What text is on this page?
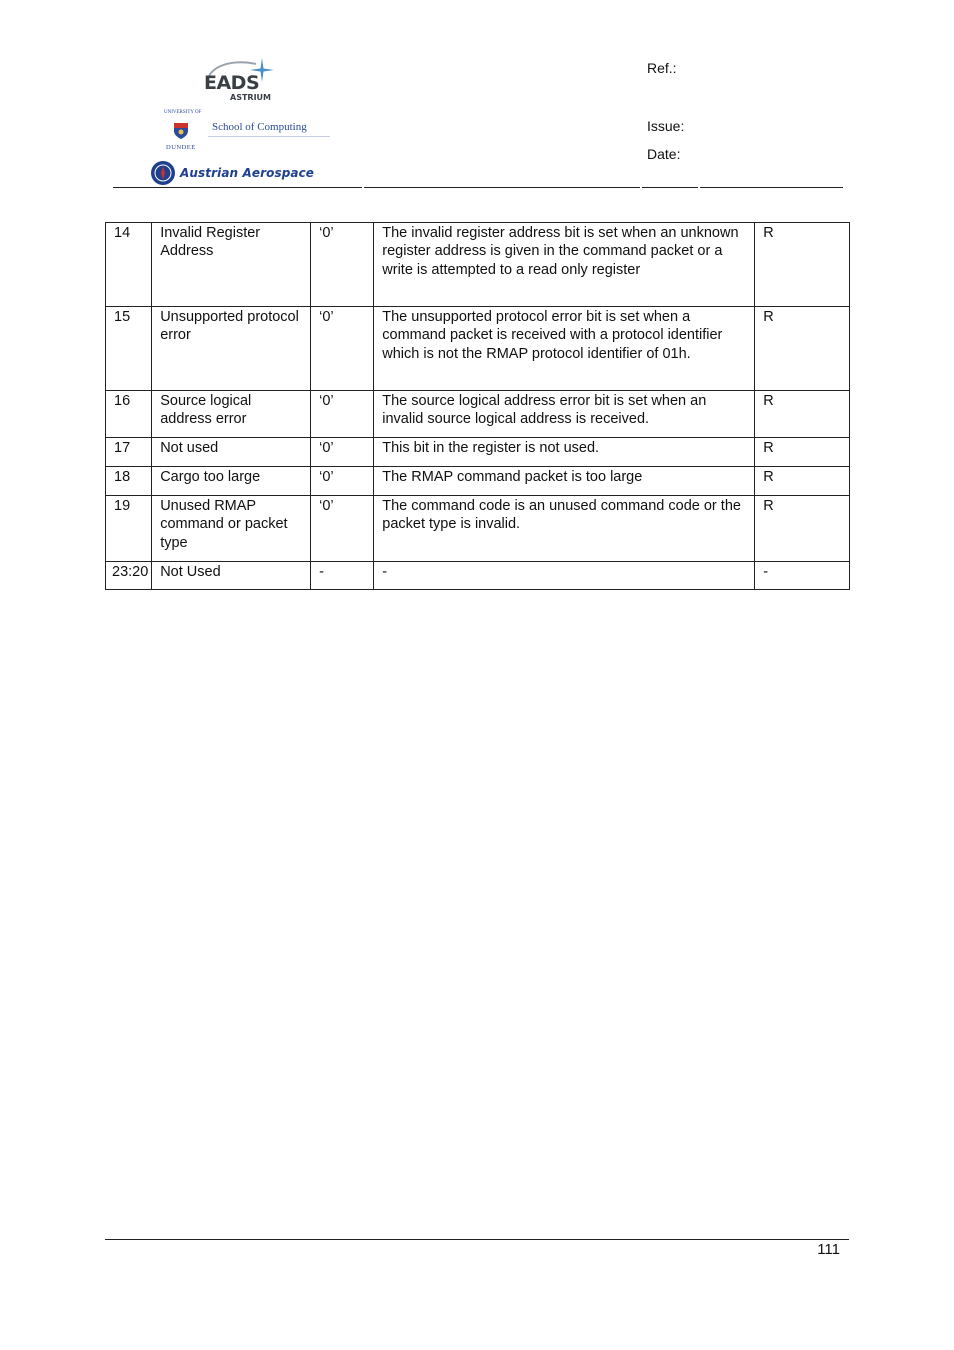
EADS
ASTRIUM
UNIVERSITY OF
School of Computing
DUNDEE
Austrian Aerospace
Ref.:
Issue:
Date:
14	Invalid Register Address	‘0’	The invalid register address bit is set when an unknown register address is given in the command packet or a write is attempted to a read only register	R
15	Unsupported protocol error	‘0’	The unsupported protocol error bit is set when a command packet is received with a protocol identifier which is not the RMAP protocol identifier of 01h.	R
16	Source logical address error	‘0’	The source logical address error bit is set when an invalid source logical address is received.	R
17	Not used	‘0’	This bit in the register is not used.	R
18	Cargo too large	‘0’	The RMAP command packet is too large	R
19	Unused RMAP command or packet type	‘0’	The command code is an unused command code or the packet type is invalid.	R
23:20	Not Used	-	-	-
111
